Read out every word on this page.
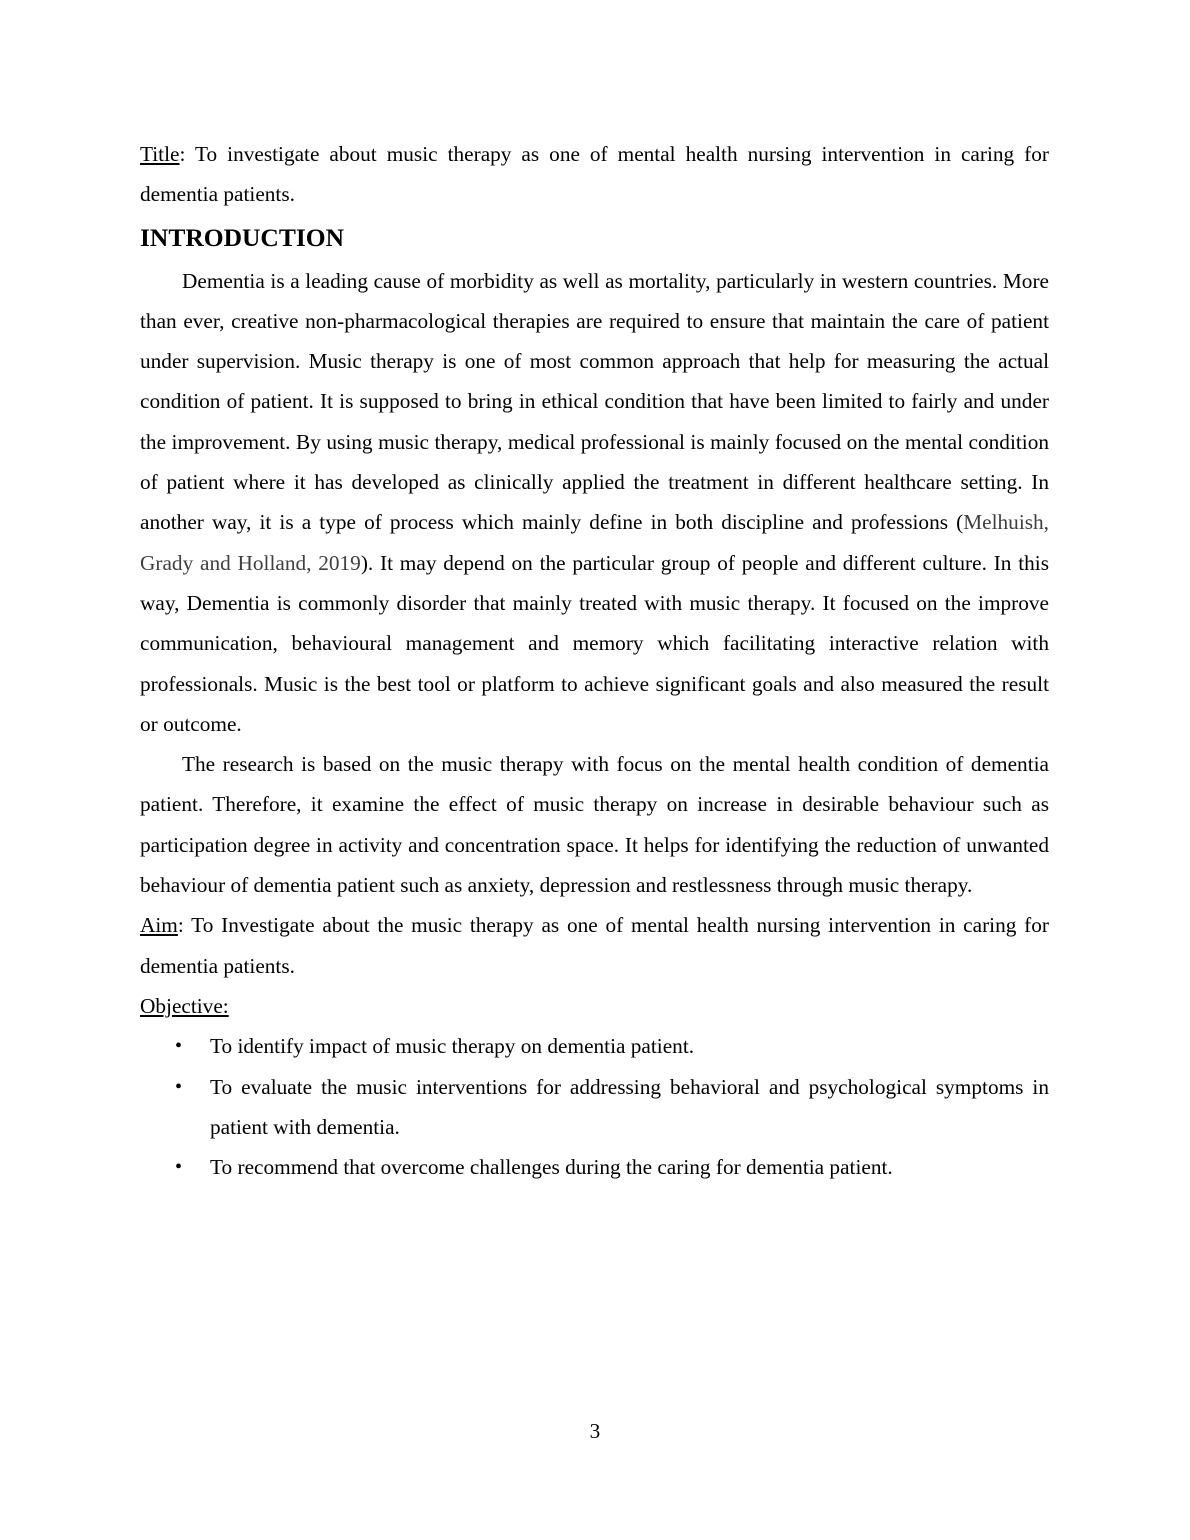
Title: To investigate about music therapy as one of mental health nursing intervention in caring for dementia patients.

INTRODUCTION

Dementia is a leading cause of morbidity as well as mortality, particularly in western countries. More than ever, creative non-pharmacological therapies are required to ensure that maintain the care of patient under supervision. Music therapy is one of most common approach that help for measuring the actual condition of patient. It is supposed to bring in ethical condition that have been limited to fairly and under the improvement. By using music therapy, medical professional is mainly focused on the mental condition of patient where it has developed as clinically applied the treatment in different healthcare setting. In another way, it is a type of process which mainly define in both discipline and professions (Melhuish, Grady and Holland, 2019). It may depend on the particular group of people and different culture. In this way, Dementia is commonly disorder that mainly treated with music therapy. It focused on the improve communication, behavioural management and memory which facilitating interactive relation with professionals. Music is the best tool or platform to achieve significant goals and also measured the result or outcome.

The research is based on the music therapy with focus on the mental health condition of dementia patient. Therefore, it examine the effect of music therapy on increase in desirable behaviour such as participation degree in activity and concentration space. It helps for identifying the reduction of unwanted behaviour of dementia patient such as anxiety, depression and restlessness through music therapy.

Aim: To Investigate about the music therapy as one of mental health nursing intervention in caring for dementia patients.

Objective:

• To identify impact of music therapy on dementia patient.
• To evaluate the music interventions for addressing behavioral and psychological symptoms in patient with dementia.
• To recommend that overcome challenges during the caring for dementia patient.
3
